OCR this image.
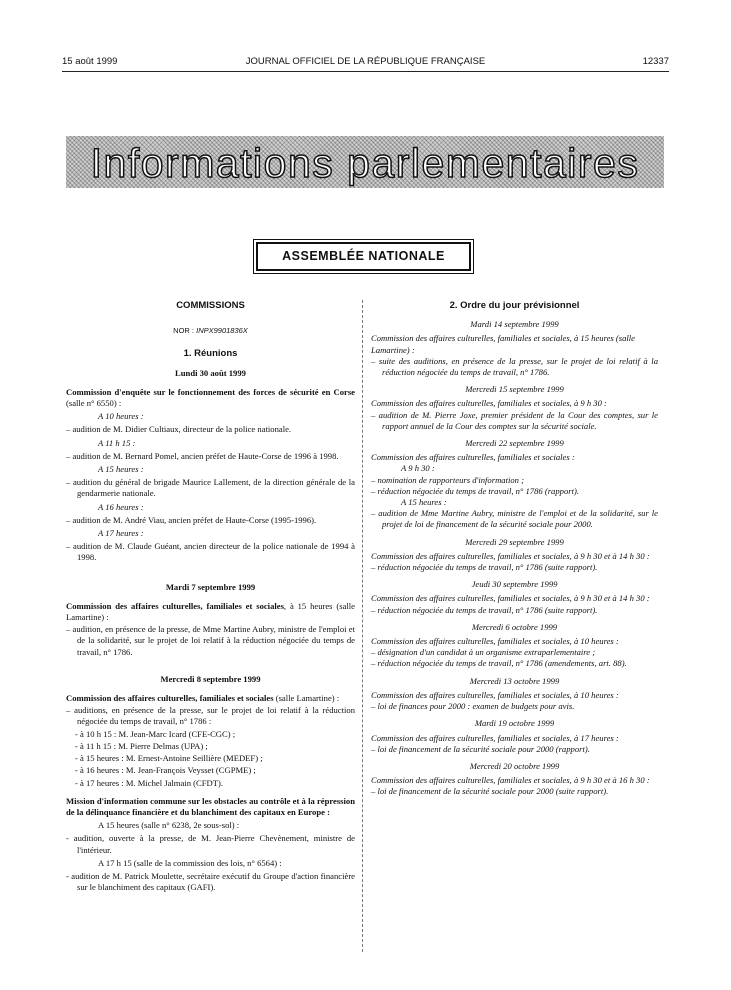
15 août 1999	JOURNAL OFFICIEL DE LA RÉPUBLIQUE FRANÇAISE	12337
Informations parlementaires
ASSEMBLÉE NATIONALE
COMMISSIONS
NOR : INPX9901836X
1. Réunions
Lundi 30 août 1999

Commission d'enquête sur le fonctionnement des forces de sécurité en Corse (salle n° 6550) :

A 10 heures :

– audition de M. Didier Cultiaux, directeur de la police nationale.

A 11 h 15 :

– audition de M. Bernard Pomel, ancien préfet de Haute-Corse de 1996 à 1998.

A 15 heures :

– audition du général de brigade Maurice Lallement, de la direction générale de la gendarmerie nationale.

A 16 heures :

– audition de M. André Viau, ancien préfet de Haute-Corse (1995-1996).

A 17 heures :

– audition de M. Claude Guéant, ancien directeur de la police nationale de 1994 à 1998.

Mardi 7 septembre 1999

Commission des affaires culturelles, familiales et sociales, à 15 heures (salle Lamartine) :

– audition, en présence de la presse, de Mme Martine Aubry, ministre de l'emploi et de la solidarité, sur le projet de loi relatif à la réduction négociée du temps de travail, n° 1786.

Mercredi 8 septembre 1999

Commission des affaires culturelles, familiales et sociales (salle Lamartine) :

– auditions, en présence de la presse, sur le projet de loi relatif à la réduction négociée du temps de travail, n° 1786 :

- à 10 h 15 : M. Jean-Marc Icard (CFE-CGC) ;

- à 11 h 15 : M. Pierre Delmas (UPA) ;

- à 15 heures : M. Ernest-Antoine Seillière (MEDEF) ;

- à 16 heures : M. Jean-François Veysset (CGPME) ;

- à 17 heures : M. Michel Jalmain (CFDT).

Mission d'information commune sur les obstacles au contrôle et à la répression de la délinquance financière et du blanchiment des capitaux en Europe :

A 15 heures (salle n° 6238, 2e sous-sol) :

- audition, ouverte à la presse, de M. Jean-Pierre Chevènement, ministre de l'intérieur.

A 17 h 15 (salle de la commission des lois, n° 6564) :

- audition de M. Patrick Moulette, secrétaire exécutif du Groupe d'action financière sur le blanchiment des capitaux (GAFI).

2. Ordre du jour prévisionnel
Mardi 14 septembre 1999

Commission des affaires culturelles, familiales et sociales, à 15 heures (salle Lamartine) :

– suite des auditions, en présence de la presse, sur le projet de loi relatif à la réduction négociée du temps de travail, n° 1786.

Mercredi 15 septembre 1999

Commission des affaires culturelles, familiales et sociales, à 9 h 30 :

– audition de M. Pierre Joxe, premier président de la Cour des comptes, sur le rapport annuel de la Cour des comptes sur la sécurité sociale.

Mercredi 22 septembre 1999

Commission des affaires culturelles, familiales et sociales :

A 9 h 30 :

– nomination de rapporteurs d'information ;

– réduction négociée du temps de travail, n° 1786 (rapport).

A 15 heures :

– audition de Mme Martine Aubry, ministre de l'emploi et de la solidarité, sur le projet de loi de financement de la sécurité sociale pour 2000.

Mercredi 29 septembre 1999

Commission des affaires culturelles, familiales et sociales, à 9 h 30 et à 14 h 30 :

– réduction négociée du temps de travail, n° 1786 (suite rapport).

Jeudi 30 septembre 1999

Commission des affaires culturelles, familiales et sociales, à 9 h 30 et à 14 h 30 :

– réduction négociée du temps de travail, n° 1786 (suite rapport).

Mercredi 6 octobre 1999

Commission des affaires culturelles, familiales et sociales, à 10 heures :

– désignation d'un candidat à un organisme extraparlementaire ;

– réduction négociée du temps de travail, n° 1786 (amendements, art. 88).

Mercredi 13 octobre 1999

Commission des affaires culturelles, familiales et sociales, à 10 heures :

– loi de finances pour 2000 : examen de budgets pour avis.

Mardi 19 octobre 1999

Commission des affaires culturelles, familiales et sociales, à 17 heures :

– loi de financement de la sécurité sociale pour 2000 (rapport).

Mercredi 20 octobre 1999

Commission des affaires culturelles, familiales et sociales, à 9 h 30 et à 16 h 30 :

– loi de financement de la sécurité sociale pour 2000 (suite rapport).
